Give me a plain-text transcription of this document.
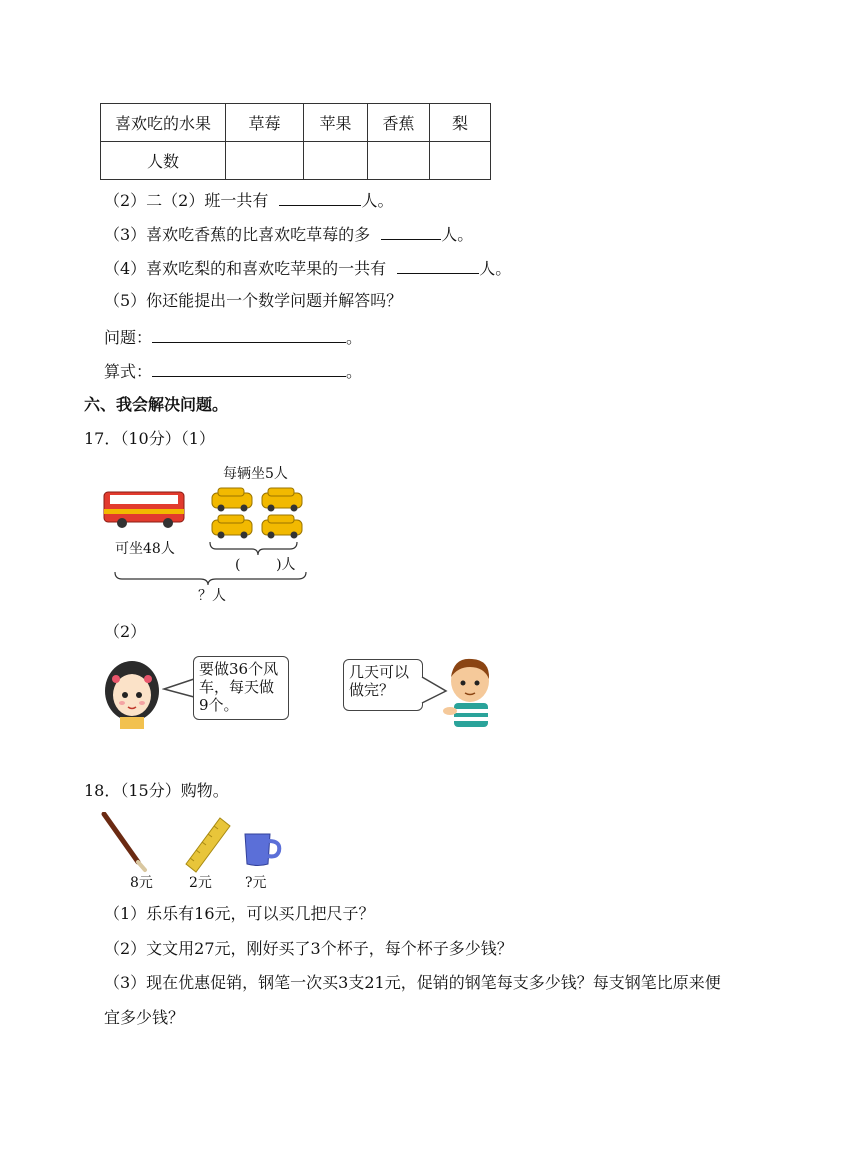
喜欢吃的水果	草莓	苹果	香蕉	梨
人数				
（2）二（2）班一共有	人。
（3）喜欢吃香蕉的比喜欢吃草莓的多	人。
（4）喜欢吃梨的和喜欢吃苹果的一共有	人。
（5）你还能提出一个数学问题并解答吗？
问题：	。
算式：	。
六、我会解决问题。
17．（10分）（1）
每辆坐5人
可坐48人
(        )人
？人
（2）
要做36个风车，每天做9个。
几天可以做完？
18．（15分）购物。
8元	2元 ?元
（1）乐乐有16元，可以买几把尺子？
（2）文文用27元，刚好买了3个杯子，每个杯子多少钱？
（3）现在优惠促销，钢笔一次买3支21元，促销的钢笔每支多少钱？每支钢笔比原来便
宜多少钱？
